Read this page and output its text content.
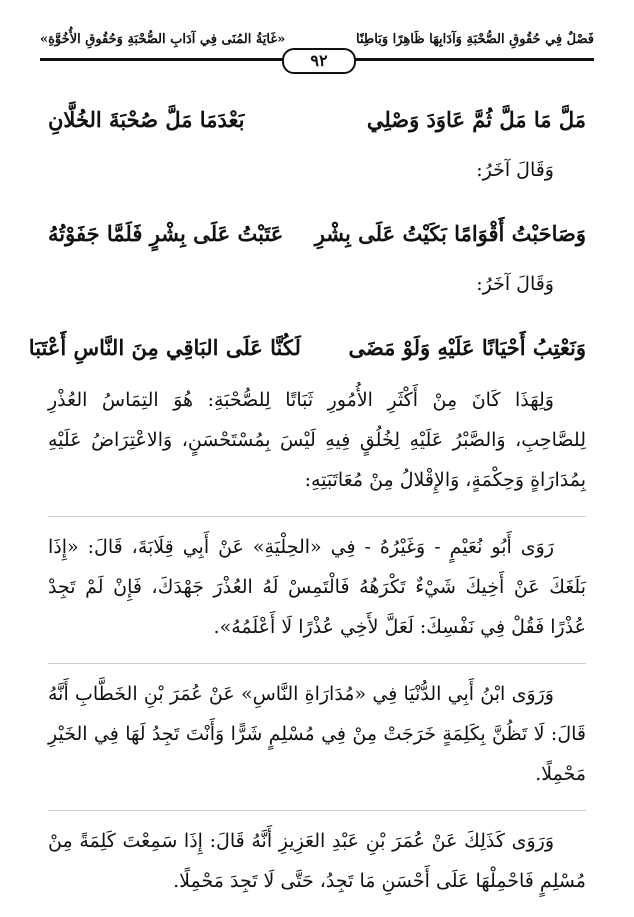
فَصْلٌ فِي حُقُوقِ الصُّحْبَةِ وَآدَابِهَا ظَاهِرًا وَبَاطِنًا
«غَايَةُ المُنَى فِي آدَابِ الصُّحْبَةِ وَحُقُوقِ الأُخُوَّةِ»
٩٢
مَلَّ مَا مَلَّ ثُمَّ عَاوَدَ وَصْلِي
بَعْدَمَا مَلَّ صُحْبَةَ الخُلَّانِ
وَقَالَ آخَرُ:
وَصَاحَبْتُ أَقْوَامًا بَكَيْتُ عَلَى بِشْرِ
عَتَبْتُ عَلَى بِشْرٍ فَلَمَّا جَفَوْتُهُ
وَقَالَ آخَرُ:
وَنَعْتِبُ أَحْيَانًا عَلَيْهِ وَلَوْ مَضَى
لَكُنَّا عَلَى البَاقِي مِنَ النَّاسِ أَعْتَبَا

وَلِهَذَا كَانَ مِنْ أَكْثَرِ الأُمُورِ ثَبَاتًا لِلصُّحْبَةِ: هُوَ التِمَاسُ العُذْرِ لِلصَّاحِبِ، وَالصَّبْرُ عَلَيْهِ لِخُلُقٍ فِيهِ لَيْسَ بِمُسْتَحْسَنٍ، وَالاعْتِرَاضُ عَلَيْهِ بِمُدَارَاةٍ وَحِكْمَةٍ، وَالإِقْلالُ مِنْ مُعَاتَبَتِهِ:

رَوَى أَبُو نُعَيْمٍ - وَغَيْرُهُ - فِي «الحِلْيَةِ» عَنْ أَبِي قِلَابَةَ، قَالَ: «إِذَا بَلَغَكَ عَنْ أَخِيكَ شَيْءٌ تَكْرَهُهُ فَالْتَمِسْ لَهُ العُذْرَ جَهْدَكَ، فَإِنْ لَمْ تَجِدْ عُذْرًا فَقُلْ فِي نَفْسِكَ: لَعَلَّ لأَخِي عُذْرًا لَا أَعْلَمُهُ».

وَرَوَى ابْنُ أَبِي الدُّنْيَا فِي «مُدَارَاةِ النَّاسِ» عَنْ عُمَرَ بْنِ الخَطَّابِ أَنَّهُ قَالَ: لَا تَظُنَّ بِكَلِمَةٍ خَرَجَتْ مِنْ فِي مُسْلِمٍ شَرًّا وَأَنْتَ تَجِدُ لَهَا فِي الخَيْرِ مَحْمِلًا.

وَرَوَى كَذَلِكَ عَنْ عُمَرَ بْنِ عَبْدِ العَزِيزِ أَنَّهُ قَالَ: إِذَا سَمِعْتَ كَلِمَةً مِنْ مُسْلِمٍ فَاحْمِلْهَا عَلَى أَحْسَنِ مَا تَجِدُ، حَتَّى لَا تَجِدَ مَحْمِلًا.
